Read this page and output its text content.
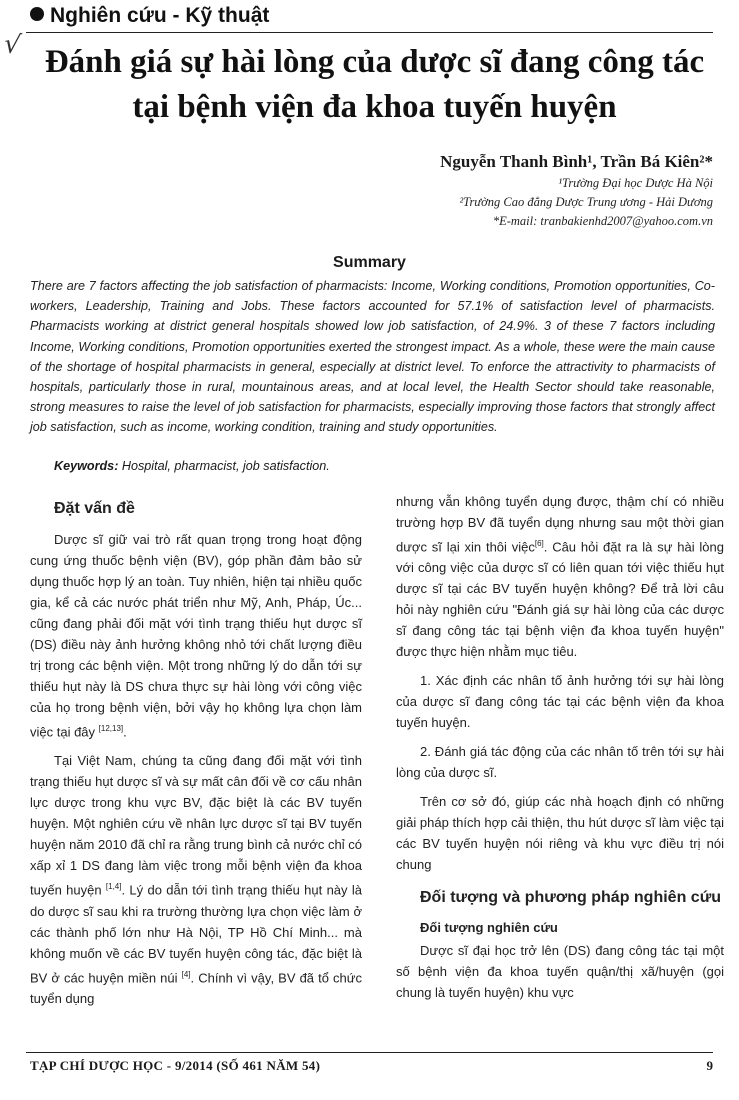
Nghiên cứu - Kỹ thuật
√ Đánh giá sự hài lòng của dược sĩ đang công tác
tại bệnh viện đa khoa tuyến huyện
Nguyễn Thanh Bình¹, Trần Bá Kiên²*
¹Trường Đại học Dược Hà Nội
²Trường Cao đẳng Dược Trung ương - Hải Dương
*E-mail: tranbakienhd2007@yahoo.com.vn
Summary
There are 7 factors affecting the job satisfaction of pharmacists: Income, Working conditions, Promotion opportunities, Co-workers, Leadership, Training and Jobs. These factors accounted for 57.1% of satisfaction level of pharmacists. Pharmacists working at district general hospitals showed low job satisfaction, of 24.9%. 3 of these 7 factors including Income, Working conditions, Promotion opportunities exerted the strongest impact. As a whole, these were the main cause of the shortage of hospital pharmacists in general, especially at district level. To enforce the attractivity to pharmacists of hospitals, particularly those in rural, mountainous areas, and at local level, the Health Sector should take reasonable, strong measures to raise the level of job satisfaction for pharmacists, especially improving those factors that strongly affect job satisfaction, such as income, working condition, training and study opportunities.
Keywords: Hospital, pharmacist, job satisfaction.
Đặt vấn đề

Dược sĩ giữ vai trò rất quan trọng trong hoạt động cung ứng thuốc bệnh viện (BV), góp phần đảm bảo sử dụng thuốc hợp lý an toàn. Tuy nhiên, hiện tại nhiều quốc gia, kể cả các nước phát triển như Mỹ, Anh, Pháp, Úc... cũng đang phải đối mặt với tình trạng thiếu hụt dược sĩ (DS) điều này ảnh hưởng không nhỏ tới chất lượng điều trị trong các bệnh viện. Một trong những lý do dẫn tới sự thiếu hụt này là DS chưa thực sự hài lòng với công việc của họ trong bệnh viện, bởi vậy họ không lựa chọn làm việc tại đây [12,13].

Tại Việt Nam, chúng ta cũng đang đối mặt với tình trạng thiếu hụt dược sĩ và sự mất cân đối về cơ cấu nhân lực dược trong khu vực BV, đặc biệt là các BV tuyến huyện. Một nghiên cứu về nhân lực dược sĩ tại BV tuyến huyện năm 2010 đã chỉ ra rằng trung bình cả nước chỉ có xấp xỉ 1 DS đang làm việc trong mỗi bệnh viện đa khoa tuyến huyện [1,4]. Lý do dẫn tới tình trạng thiếu hụt này là do dược sĩ sau khi ra trường thường lựa chọn việc làm ở các thành phố lớn như Hà Nội, TP Hồ Chí Minh... mà không muốn về các BV tuyến huyện công tác, đặc biệt là BV ở các huyện miền núi [4]. Chính vì vậy, BV đã tổ chức tuyển dụng

nhưng vẫn không tuyển dụng được, thậm chí có nhiều trường hợp BV đã tuyển dụng nhưng sau một thời gian dược sĩ lại xin thôi việc[6]. Câu hỏi đặt ra là sự hài lòng với công việc của dược sĩ có liên quan tới việc thiếu hụt dược sĩ tại các BV tuyến huyện không? Để trả lời câu hỏi này nghiên cứu "Đánh giá sự hài lòng của các dược sĩ đang công tác tại bệnh viện đa khoa tuyến huyện" được thực hiện nhằm mục tiêu.

1. Xác định các nhân tố ảnh hưởng tới sự hài lòng của dược sĩ đang công tác tại các bệnh viện đa khoa tuyến huyện.

2. Đánh giá tác động của các nhân tố trên tới sự hài lòng của dược sĩ.

Trên cơ sở đó, giúp các nhà hoạch định có những giải pháp thích hợp cải thiện, thu hút dược sĩ làm việc tại các BV tuyến huyện nói riêng và khu vực điều trị nói chung

Đối tượng và phương pháp nghiên cứu
Đối tượng nghiên cứu

Dược sĩ đại học trở lên (DS) đang công tác tại một số bệnh viện đa khoa tuyến quận/thị xã/huyện (gọi chung là tuyến huyện) khu vực

TẠP CHÍ DƯỢC HỌC - 9/2014 (SỐ 461 NĂM 54)	9
